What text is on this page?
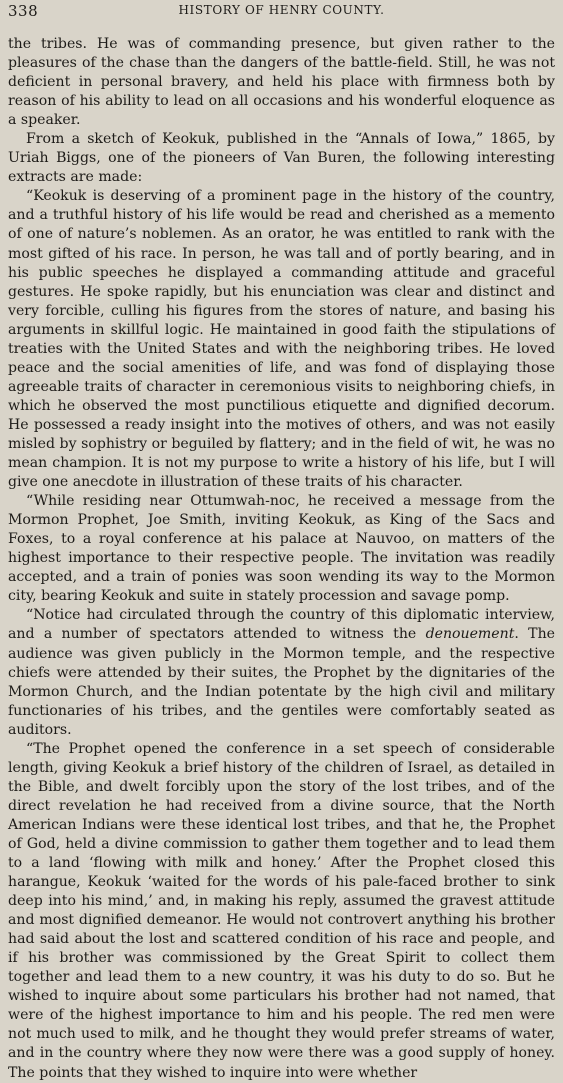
338	HISTORY OF HENRY COUNTY.

the tribes. He was of commanding presence, but given rather to the pleasures of the chase than the dangers of the battle-field. Still, he was not deficient in personal bravery, and held his place with firmness both by reason of his ability to lead on all occasions and his wonderful eloquence as a speaker.

From a sketch of Keokuk, published in the “Annals of Iowa,” 1865, by Uriah Biggs, one of the pioneers of Van Buren, the following interesting extracts are made:

“Keokuk is deserving of a prominent page in the history of the country, and a truthful history of his life would be read and cherished as a memento of one of nature’s noblemen. As an orator, he was entitled to rank with the most gifted of his race. In person, he was tall and of portly bearing, and in his public speeches he displayed a commanding attitude and graceful gestures. He spoke rapidly, but his enunciation was clear and distinct and very forcible, culling his figures from the stores of nature, and basing his arguments in skillful logic. He maintained in good faith the stipulations of treaties with the United States and with the neighboring tribes. He loved peace and the social amenities of life, and was fond of displaying those agreeable traits of character in ceremonious visits to neighboring chiefs, in which he observed the most punctilious etiquette and dignified decorum. He possessed a ready insight into the motives of others, and was not easily misled by sophistry or beguiled by flattery; and in the field of wit, he was no mean champion. It is not my purpose to write a history of his life, but I will give one anecdote in illustration of these traits of his character.

“While residing near Ottumwah-noc, he received a message from the Mormon Prophet, Joe Smith, inviting Keokuk, as King of the Sacs and Foxes, to a royal conference at his palace at Nauvoo, on matters of the highest importance to their respective people. The invitation was readily accepted, and a train of ponies was soon wending its way to the Mormon city, bearing Keokuk and suite in stately procession and savage pomp.

“Notice had circulated through the country of this diplomatic interview, and a number of spectators attended to witness the denouement. The audience was given publicly in the Mormon temple, and the respective chiefs were attended by their suites, the Prophet by the dignitaries of the Mormon Church, and the Indian potentate by the high civil and military functionaries of his tribes, and the gentiles were comfortably seated as auditors.

“The Prophet opened the conference in a set speech of considerable length, giving Keokuk a brief history of the children of Israel, as detailed in the Bible, and dwelt forcibly upon the story of the lost tribes, and of the direct revelation he had received from a divine source, that the North American Indians were these identical lost tribes, and that he, the Prophet of God, held a divine commission to gather them together and to lead them to a land ‘flowing with milk and honey.’ After the Prophet closed this harangue, Keokuk ‘waited for the words of his pale-faced brother to sink deep into his mind,’ and, in making his reply, assumed the gravest attitude and most dignified demeanor. He would not controvert anything his brother had said about the lost and scattered condition of his race and people, and if his brother was commissioned by the Great Spirit to collect them together and lead them to a new country, it was his duty to do so. But he wished to inquire about some particulars his brother had not named, that were of the highest importance to him and his people. The red men were not much used to milk, and he thought they would prefer streams of water, and in the country where they now were there was a good supply of honey. The points that they wished to inquire into were whether
